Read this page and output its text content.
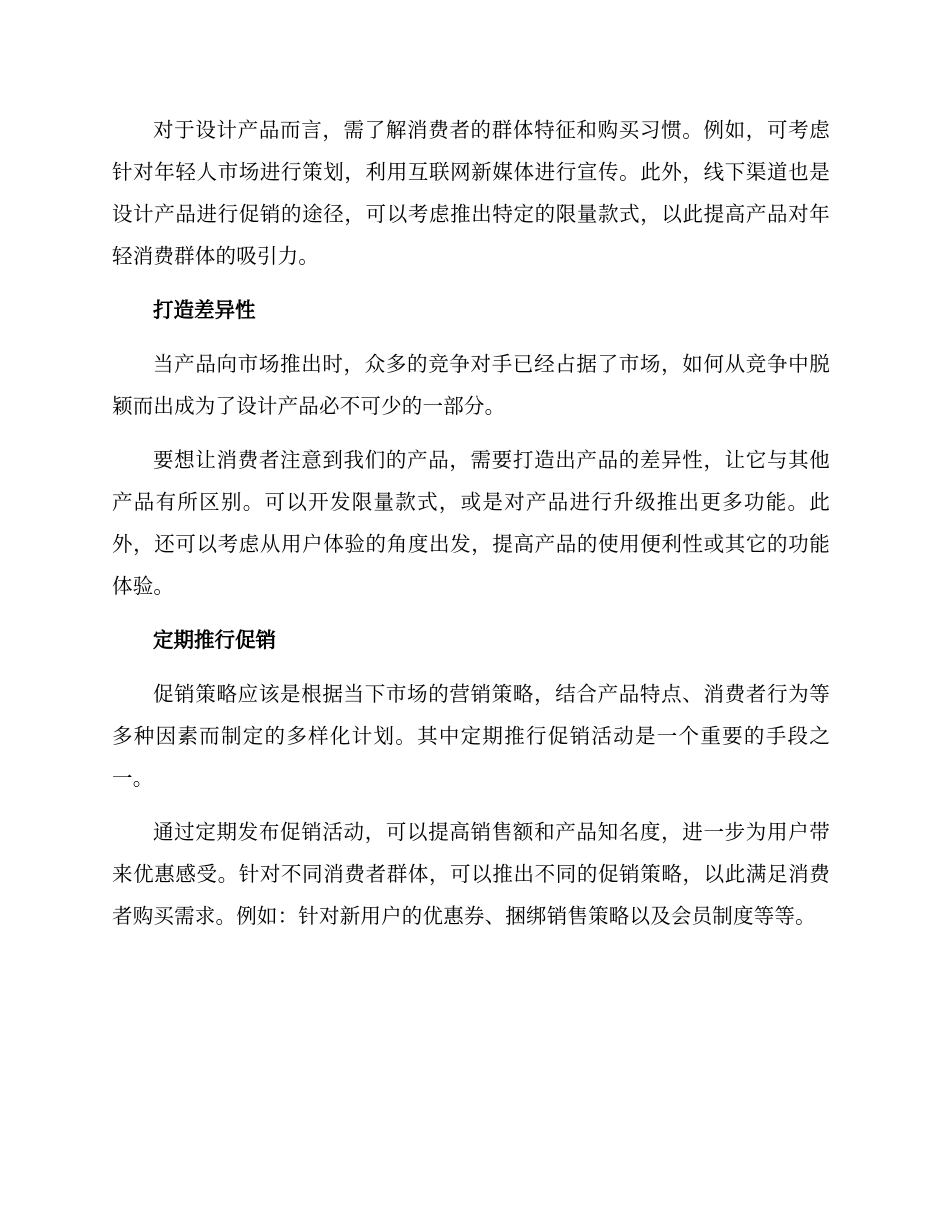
对于设计产品而言，需了解消费者的群体特征和购买习惯。例如，可考虑针对年轻人市场进行策划，利用互联网新媒体进行宣传。此外，线下渠道也是设计产品进行促销的途径，可以考虑推出特定的限量款式，以此提高产品对年轻消费群体的吸引力。

打造差异性

当产品向市场推出时，众多的竞争对手已经占据了市场，如何从竞争中脱颖而出成为了设计产品必不可少的一部分。

要想让消费者注意到我们的产品，需要打造出产品的差异性，让它与其他产品有所区别。可以开发限量款式，或是对产品进行升级推出更多功能。此外，还可以考虑从用户体验的角度出发，提高产品的使用便利性或其它的功能体验。

定期推行促销

促销策略应该是根据当下市场的营销策略，结合产品特点、消费者行为等多种因素而制定的多样化计划。其中定期推行促销活动是一个重要的手段之一。

通过定期发布促销活动，可以提高销售额和产品知名度，进一步为用户带来优惠感受。针对不同消费者群体，可以推出不同的促销策略，以此满足消费者购买需求。例如：针对新用户的优惠券、捆绑销售策略以及会员制度等等。
